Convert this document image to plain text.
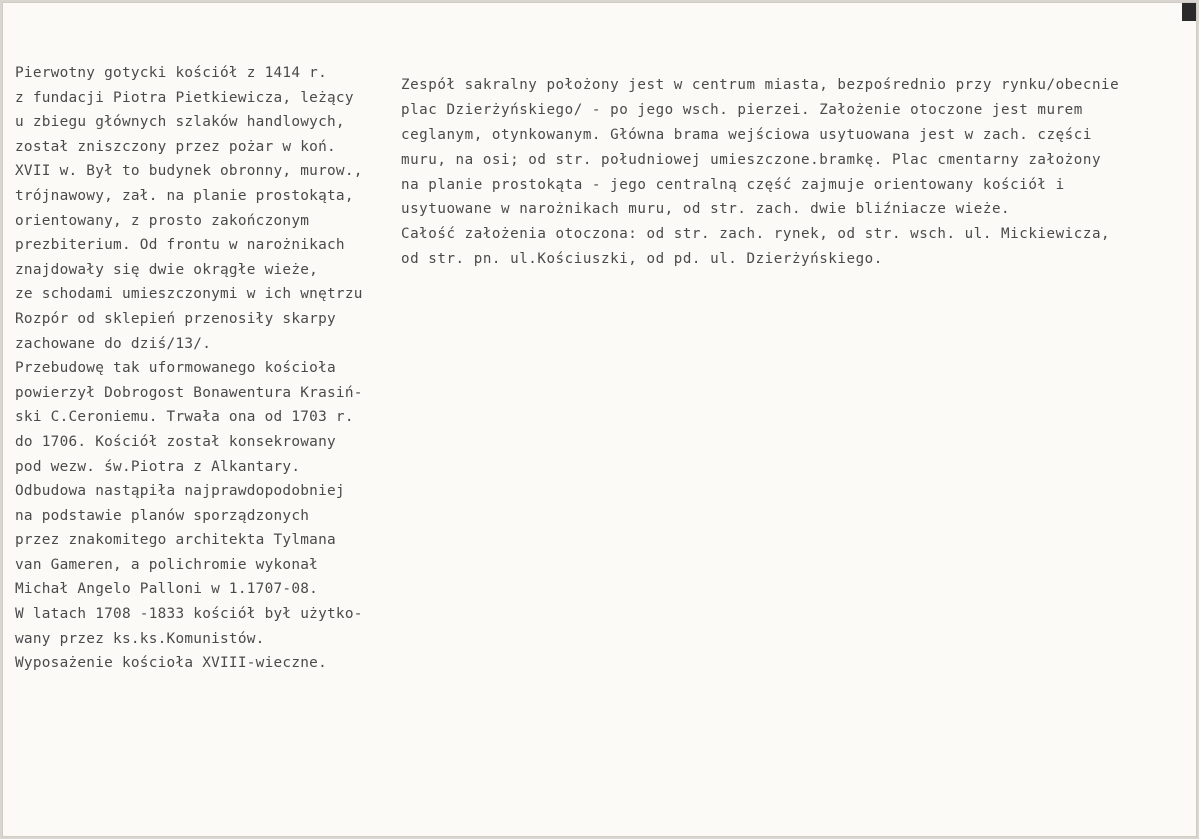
Pierwotny gotycki kościół z 1414 r.
z fundacji Piotra Pietkiewicza, leżący
u zbiegu głównych szlaków handlowych,
został zniszczony przez pożar w koń.
XVII w. Był to budynek obronny, murow.,
trójnawowy, zał. na planie prostokąta,
orientowany, z prosto zakończonym
prezbiterium. Od frontu w narożnikach
znajdowały się dwie okrągłe wieże,
ze schodami umieszczonymi w ich wnętrzu
Rozpór od sklepień przenosiły skarpy
zachowane do dziś/13/.
Przebudowę tak uformowanego kościoła
powierzył Dobrogost Bonawentura Krasiń-
ski C.Ceroniemu. Trwała ona od 1703 r.
do 1706. Kościół został konsekrowany
pod wezw. św.Piotra z Alkantary.
Odbudowa nastąpiła najprawdopodobniej
na podstawie planów sporządzonych
przez znakomitego architekta Tylmana
van Gameren, a polichromie wykonał
Michał Angelo Palloni w 1.1707-08.
W latach 1708 -1833 kościół był użytko-
wany przez ks.ks.Komunistów.
Wyposażenie kościoła XVIII-wieczne.
Zespół sakralny położony jest w centrum miasta, bezpośrednio przy rynku/obecnie
plac Dzierżyńskiego/ - po jego wsch. pierzei. Założenie otoczone jest murem
ceglanym, otynkowanym. Główna brama wejściowa usytuowana jest w zach. części
muru, na osi; od str. południowej umieszczone.bramkę. Plac cmentarny założony
na planie prostokąta - jego centralną część zajmuje orientowany kościół i
usytuowane w narożnikach muru, od str. zach. dwie bliźniacze wieże.
Całość założenia otoczona: od str. zach. rynek, od str. wsch. ul. Mickiewicza,
od str. pn. ul.Kościuszki, od pd. ul. Dzierżyńskiego.
